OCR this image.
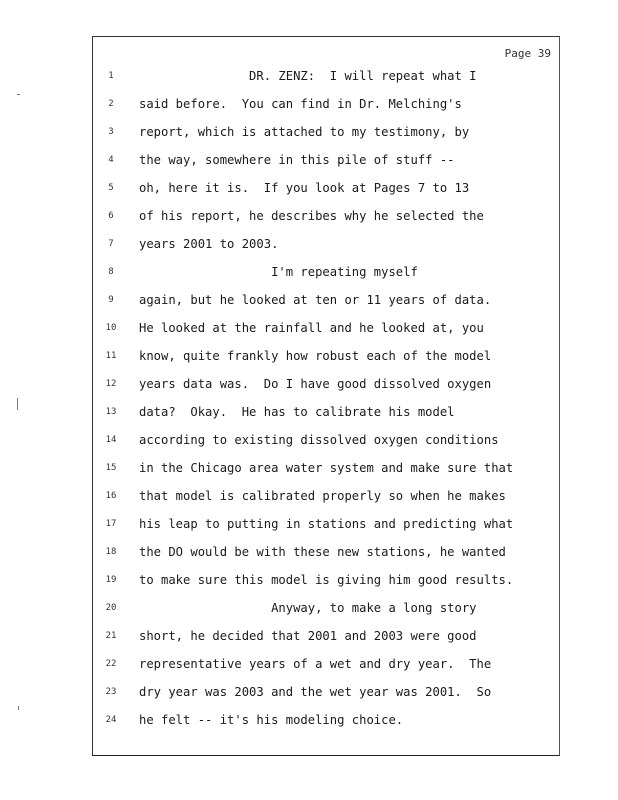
Page 39
1	DR. ZENZ:  I will repeat what I
2	said before.  You can find in Dr. Melching's
3	report, which is attached to my testimony, by
4	the way, somewhere in this pile of stuff --
5	oh, here it is.  If you look at Pages 7 to 13
6	of his report, he describes why he selected the
7	years 2001 to 2003.
8	I'm repeating myself
9	again, but he looked at ten or 11 years of data.
10	He looked at the rainfall and he looked at, you
11	know, quite frankly how robust each of the model
12	years data was.  Do I have good dissolved oxygen
13	data?  Okay.  He has to calibrate his model
14	according to existing dissolved oxygen conditions
15	in the Chicago area water system and make sure that
16	that model is calibrated properly so when he makes
17	his leap to putting in stations and predicting what
18	the DO would be with these new stations, he wanted
19	to make sure this model is giving him good results.
20	Anyway, to make a long story
21	short, he decided that 2001 and 2003 were good
22	representative years of a wet and dry year.  The
23	dry year was 2003 and the wet year was 2001.  So
24	he felt -- it's his modeling choice.
